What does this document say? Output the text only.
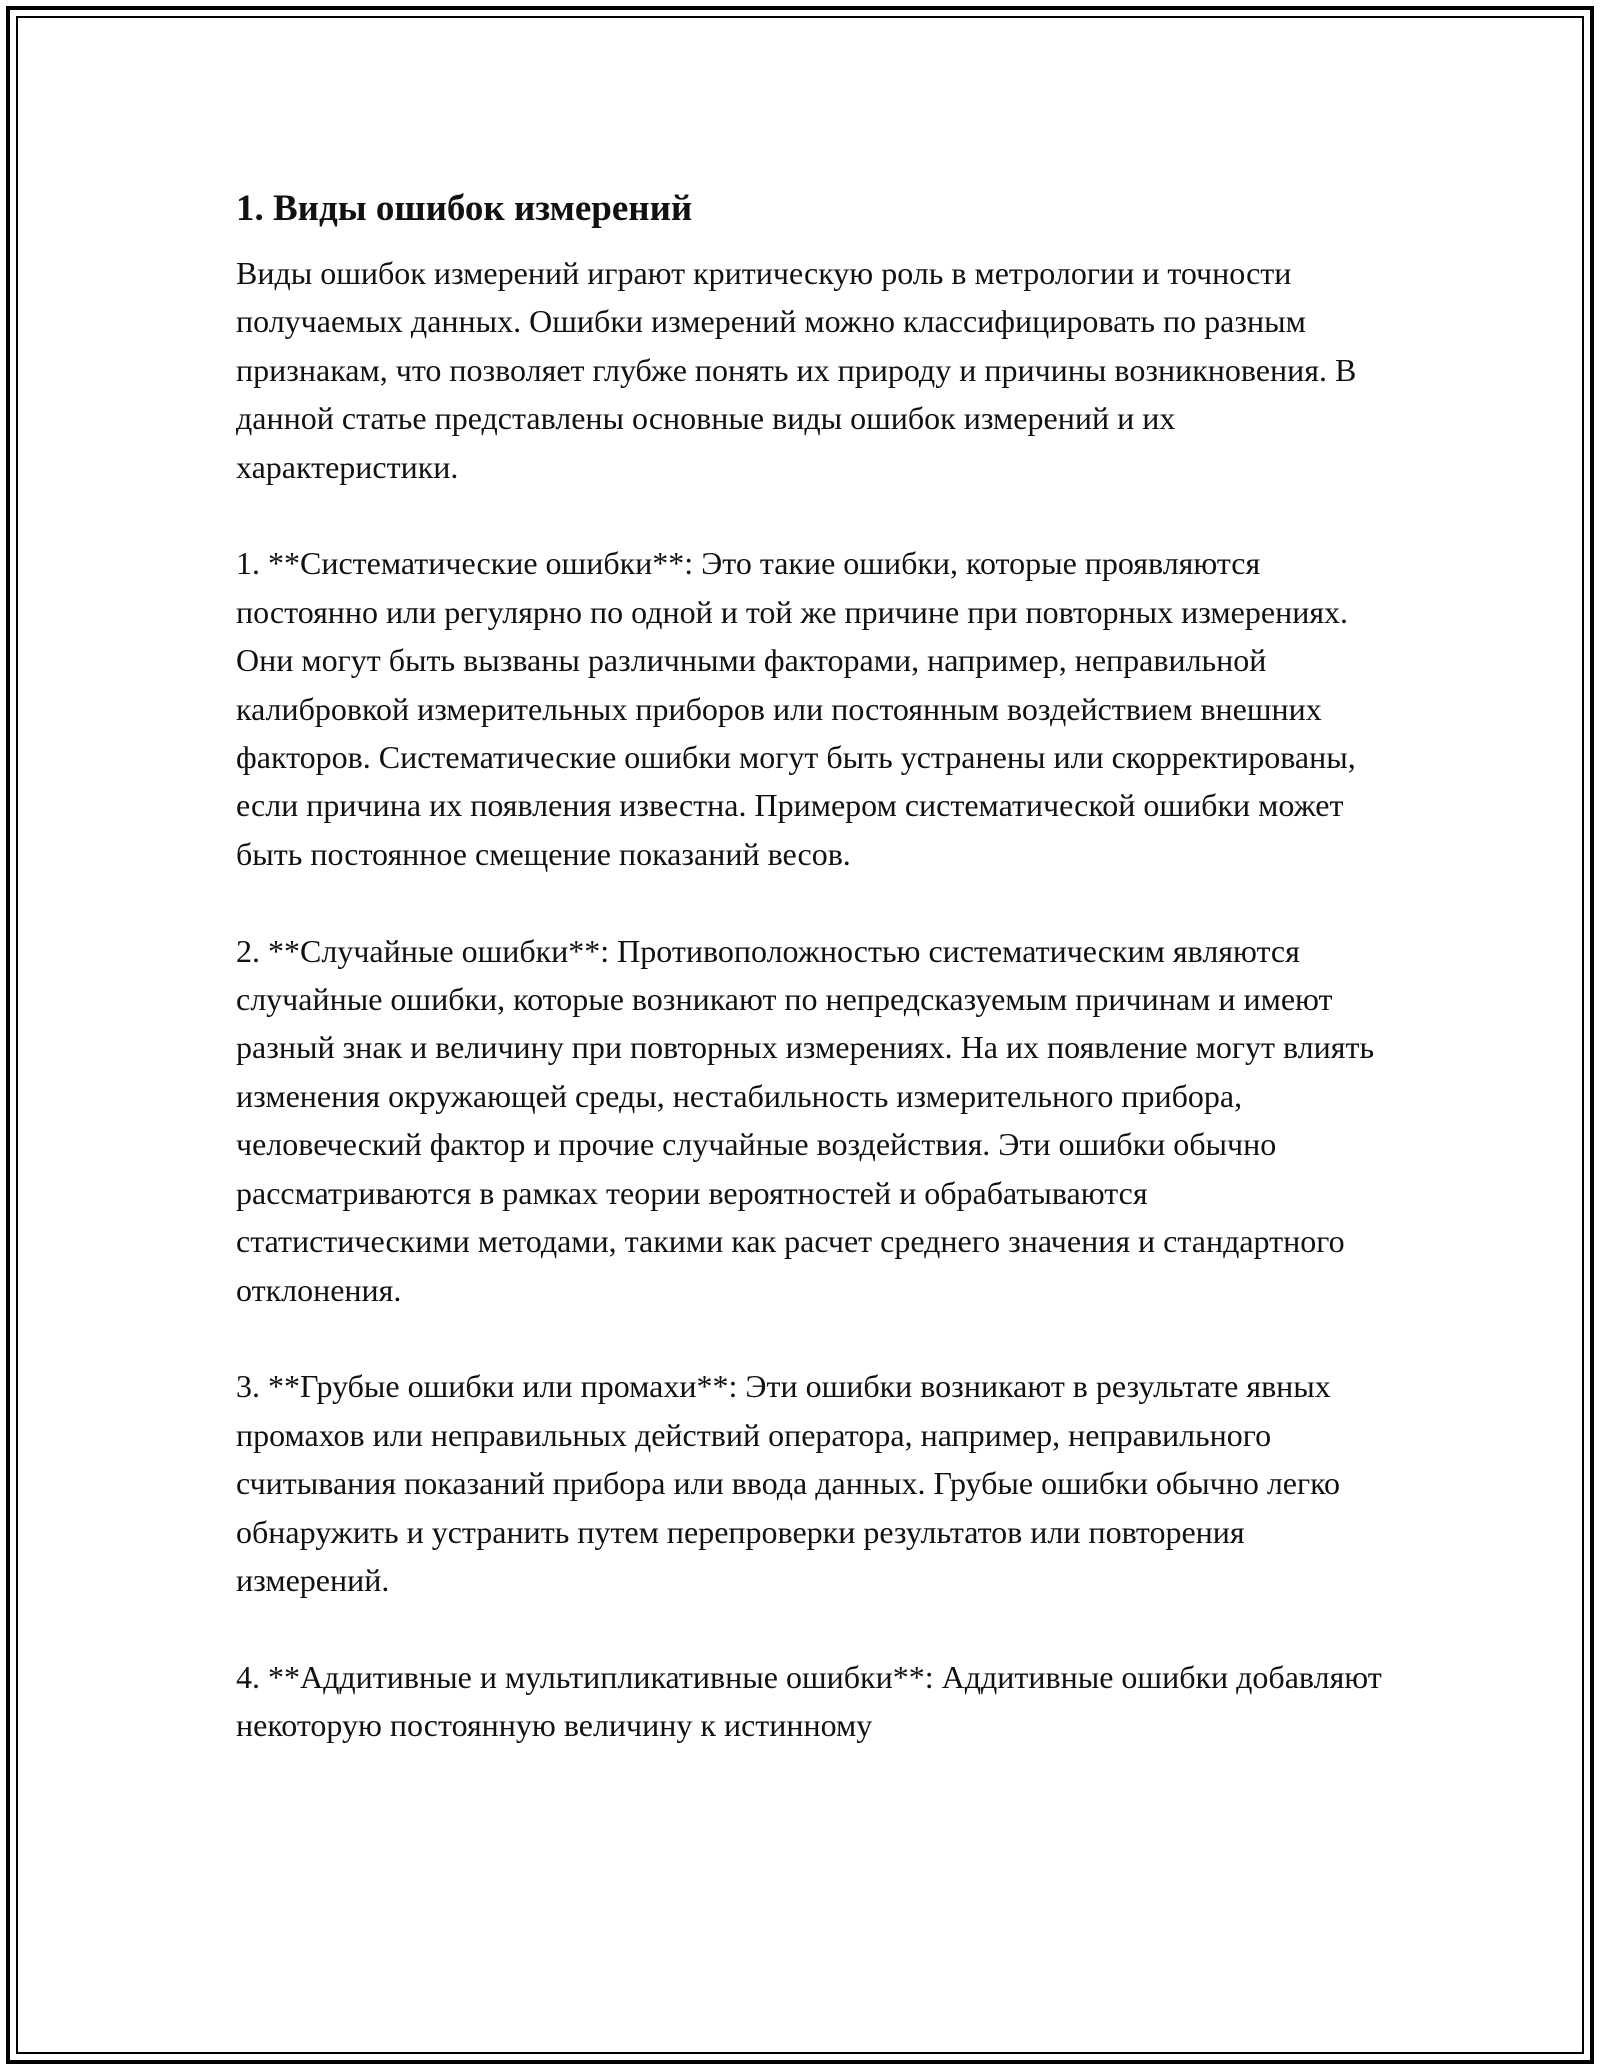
1. Виды ошибок измерений

Виды ошибок измерений играют критическую роль в метрологии и точности получаемых данных. Ошибки измерений можно классифицировать по разным признакам, что позволяет глубже понять их природу и причины возникновения. В данной статье представлены основные виды ошибок измерений и их характеристики.

1. **Систематические ошибки**: Это такие ошибки, которые проявляются постоянно или регулярно по одной и той же причине при повторных измерениях. Они могут быть вызваны различными факторами, например, неправильной калибровкой измерительных приборов или постоянным воздействием внешних факторов. Систематические ошибки могут быть устранены или скорректированы, если причина их появления известна. Примером систематической ошибки может быть постоянное смещение показаний весов.

2. **Случайные ошибки**: Противоположностью систематическим являются случайные ошибки, которые возникают по непредсказуемым причинам и имеют разный знак и величину при повторных измерениях. На их появление могут влиять изменения окружающей среды, нестабильность измерительного прибора, человеческий фактор и прочие случайные воздействия. Эти ошибки обычно рассматриваются в рамках теории вероятностей и обрабатываются статистическими методами, такими как расчет среднего значения и стандартного отклонения.

3. **Грубые ошибки или промахи**: Эти ошибки возникают в результате явных промахов или неправильных действий оператора, например, неправильного считывания показаний прибора или ввода данных. Грубые ошибки обычно легко обнаружить и устранить путем перепроверки результатов или повторения измерений.

4. **Аддитивные и мультипликативные ошибки**: Аддитивные ошибки добавляют некоторую постоянную величину к истинному
